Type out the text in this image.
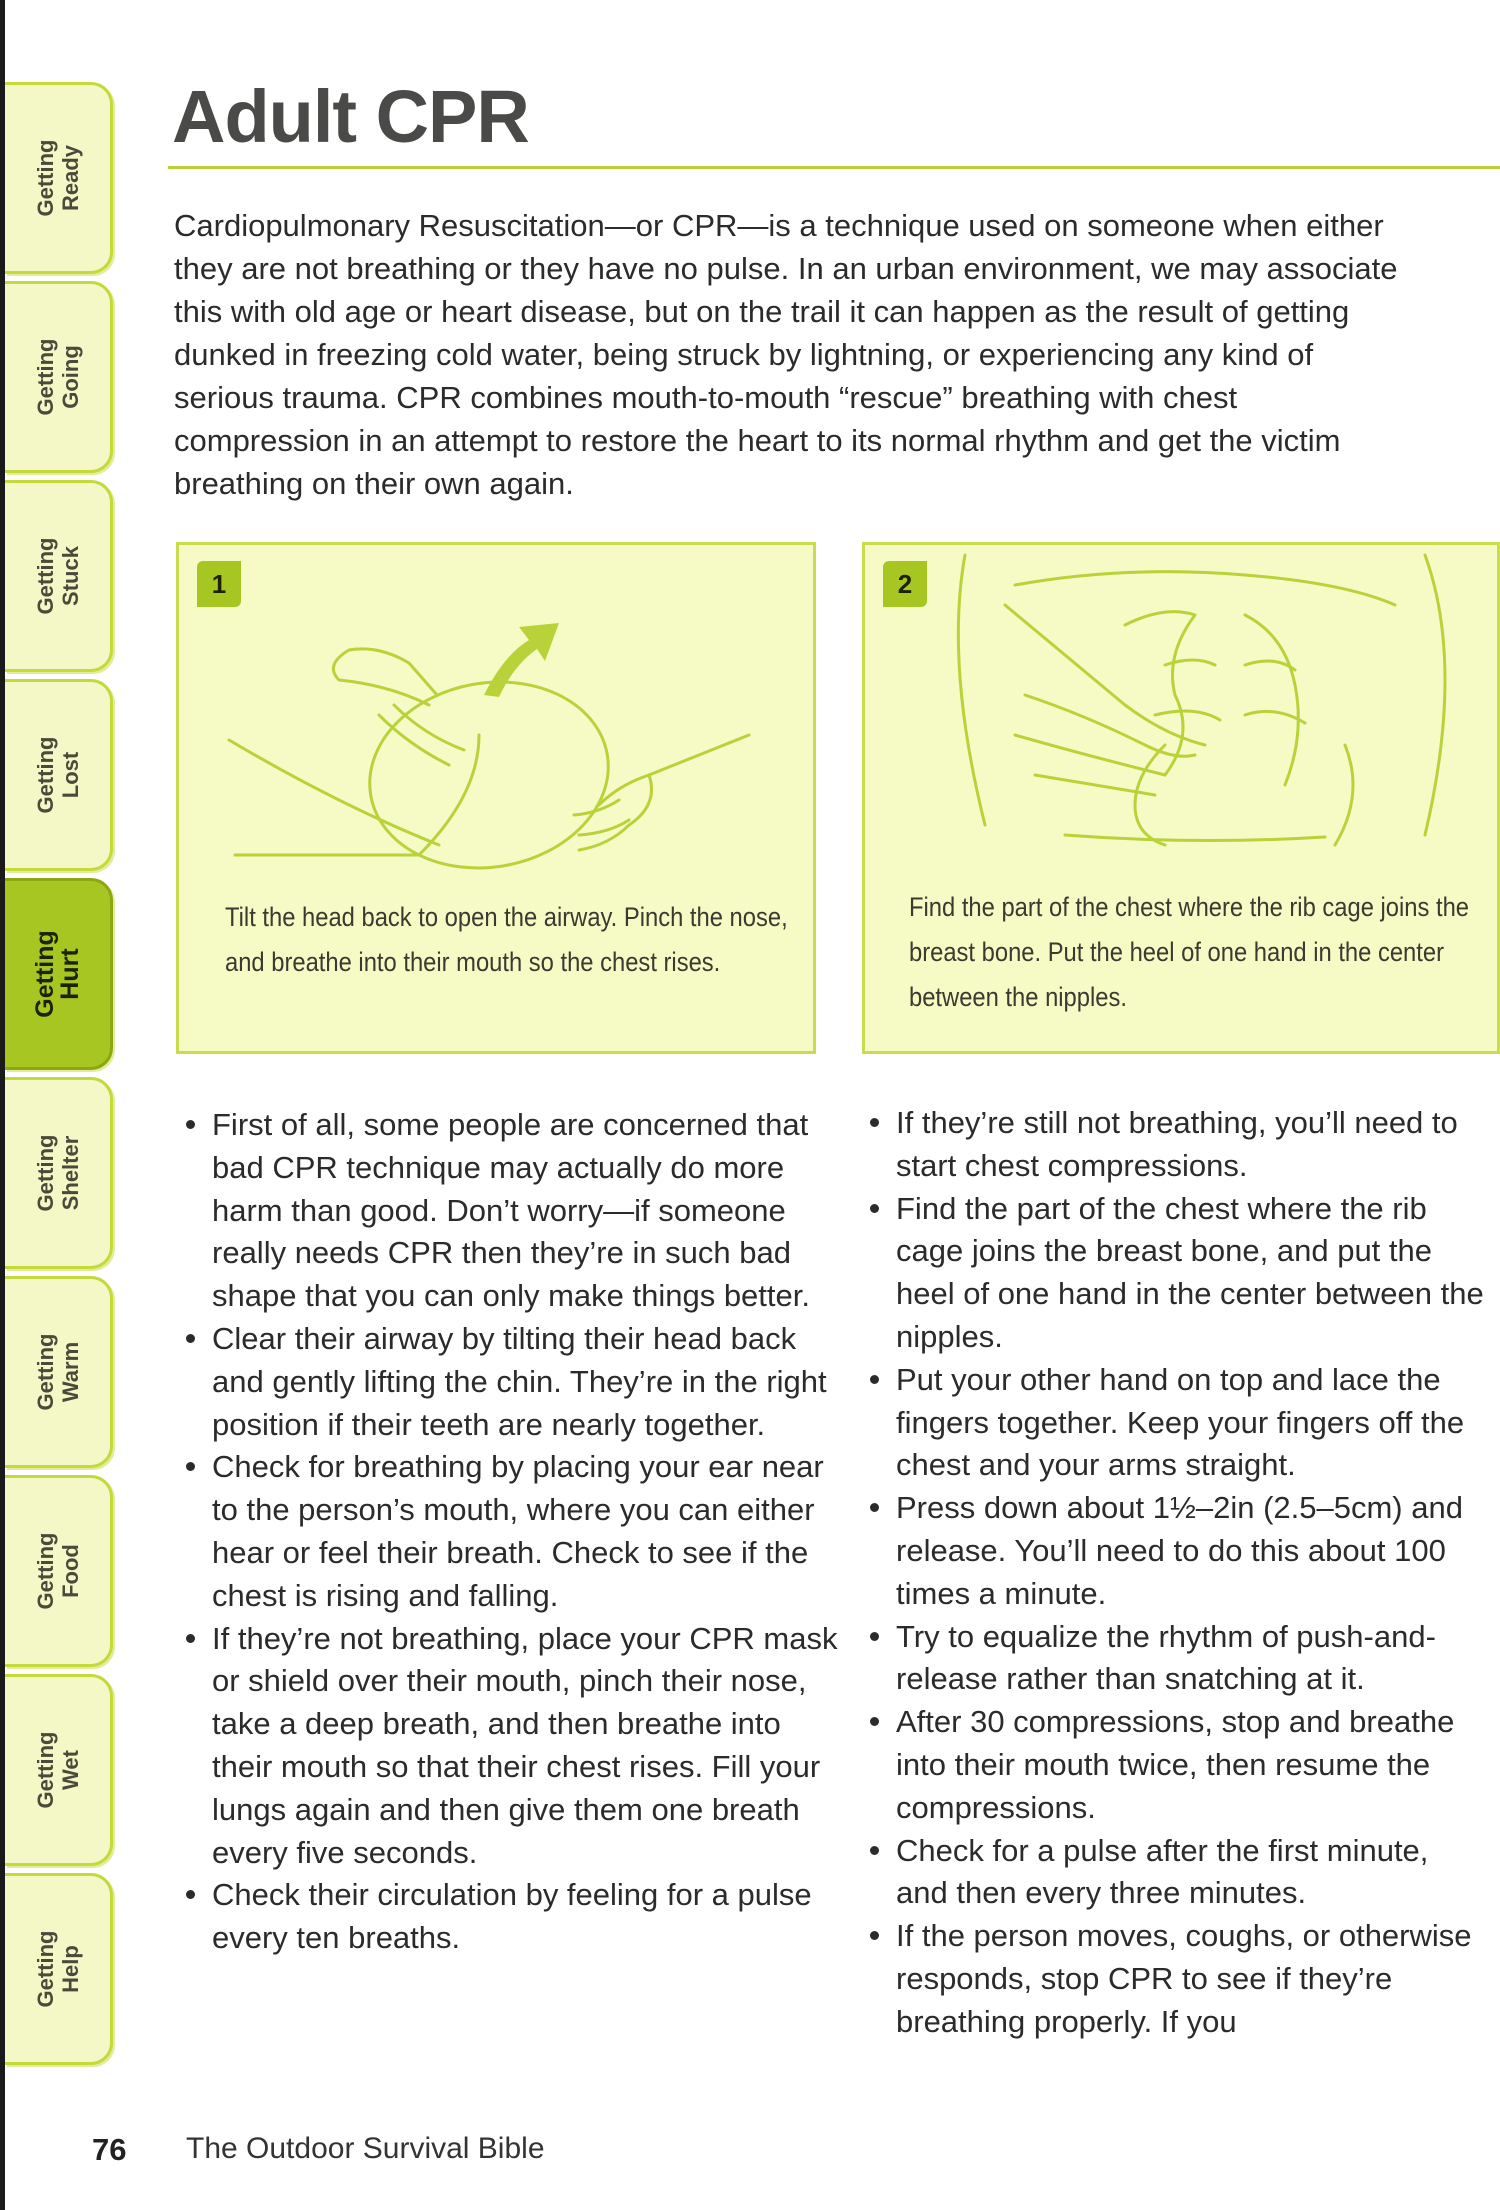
Getting
Ready
Getting
Going
Getting
Stuck
Getting
Lost
Getting
Hurt
Getting
Shelter
Getting
Warm
Getting
Food
Getting
Wet
Getting
Help
Adult CPR

Cardiopulmonary Resuscitation—or CPR—is a technique used on someone when either they are not breathing or they have no pulse. In an urban environment, we may associate this with old age or heart disease, but on the trail it can happen as the result of getting dunked in freezing cold water, being struck by lightning, or experiencing any kind of serious trauma. CPR combines mouth-to-mouth “rescue” breathing with chest compression in an attempt to restore the heart to its normal rhythm and get the victim breathing on their own again.

1
Tilt the head back to open the airway. Pinch the nose, and breathe into their mouth so the chest rises.
2
Find the part of the chest where the rib cage joins the breast bone. Put the heel of one hand in the center between the nipples.
First of all, some people are concerned that bad CPR technique may actually do more harm than good. Don’t worry—if someone really needs CPR then they’re in such bad shape that you can only make things better.
Clear their airway by tilting their head back and gently lifting the chin. They’re in the right position if their teeth are nearly together.
Check for breathing by placing your ear near to the person’s mouth, where you can either hear or feel their breath. Check to see if the chest is rising and falling.
If they’re not breathing, place your CPR mask or shield over their mouth, pinch their nose, take a deep breath, and then breathe into their mouth so that their chest rises. Fill your lungs again and then give them one breath every five seconds.
Check their circulation by feeling for a pulse every ten breaths.
If they’re still not breathing, you’ll need to start chest compressions.
Find the part of the chest where the rib cage joins the breast bone, and put the heel of one hand in the center between the nipples.
Put your other hand on top and lace the fingers together. Keep your fingers off the chest and your arms straight.
Press down about 1½–2in (2.5–5cm) and release. You’ll need to do this about 100 times a minute.
Try to equalize the rhythm of push-and-release rather than snatching at it.
After 30 compressions, stop and breathe into their mouth twice, then resume the compressions.
Check for a pulse after the first minute, and then every three minutes.
If the person moves, coughs, or otherwise responds, stop CPR to see if they’re breathing properly. If you
76 The Outdoor Survival Bible
